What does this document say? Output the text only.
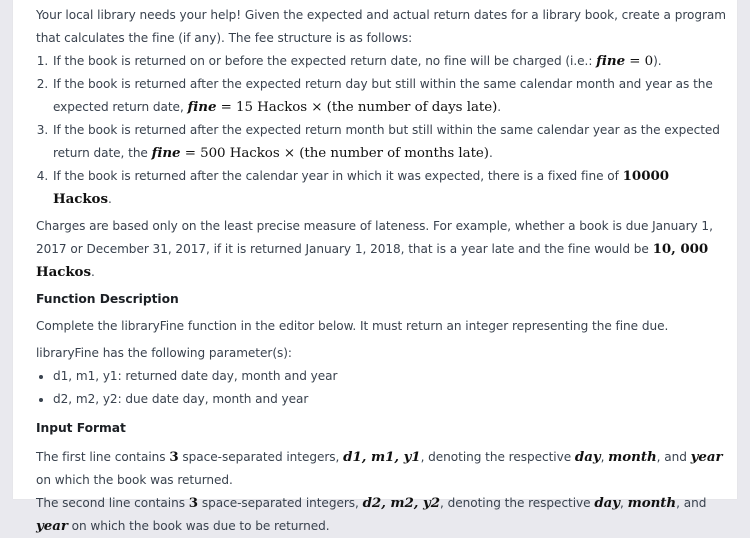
Your local library needs your help! Given the expected and actual return dates for a library book, create a program that calculates the fine (if any). The fee structure is as follows:

1. If the book is returned on or before the expected return date, no fine will be charged (i.e.: fine = 0).
2. If the book is returned after the expected return day but still within the same calendar month and year as the expected return date, fine = 15 Hackos × (the number of days late).
3. If the book is returned after the expected return month but still within the same calendar year as the expected return date, the fine = 500 Hackos × (the number of months late).
4. If the book is returned after the calendar year in which it was expected, there is a fixed fine of 10000 Hackos.

Charges are based only on the least precise measure of lateness. For example, whether a book is due January 1, 2017 or December 31, 2017, if it is returned January 1, 2018, that is a year late and the fine would be 10, 000 Hackos.

Function Description

Complete the libraryFine function in the editor below. It must return an integer representing the fine due.

libraryFine has the following parameter(s):

• d1, m1, y1: returned date day, month and year
• d2, m2, y2: due date day, month and year
Input Format

The first line contains 3 space-separated integers, d1, m1, y1, denoting the respective day, month, and year on which the book was returned.

The second line contains 3 space-separated integers, d2, m2, y2, denoting the respective day, month, and year on which the book was due to be returned.
